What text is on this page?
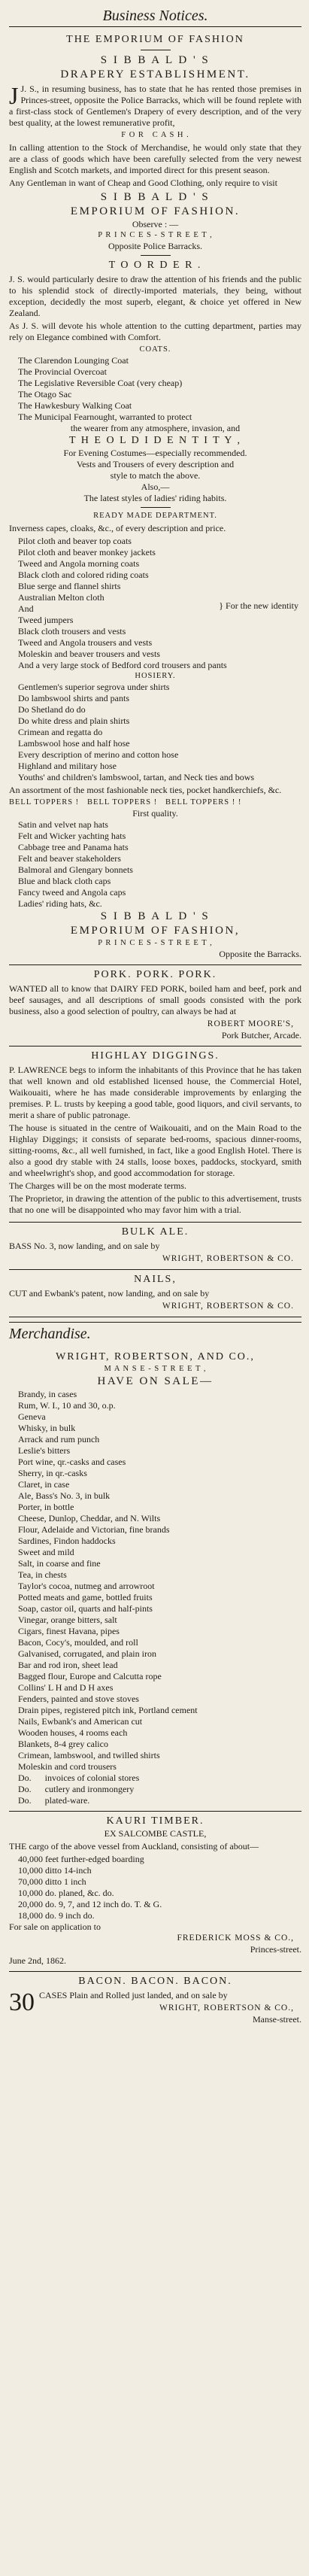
Business Notices.
THE EMPORIUM OF FASHION
S I B B A L D ' S
DRAPERY ESTABLISHMENT.
J J. S., in resuming business, has to state that he has rented those premises in Princes-street, opposite the Police Barracks, which will be found replete with a first-class stock of Gentlemen's Drapery of every description, and of the very best quality, at the lowest remunerative profit,
F O R   C A S H .
In calling attention to the Stock of Merchandise, he would only state that they are a class of goods which have been carefully selected from the very newest English and Scotch markets, and imported direct for this present season.
Any Gentleman in want of Cheap and Good Clothing, only require to visit
S I B B A L D ' S
EMPORIUM OF FASHION.
Observe : —
P R I N C E S - S T R E E T ,
Opposite Police Barracks.
T O O R D E R .
J. S. would particularly desire to draw the attention of his friends and the public to his splendid stock of directly-imported materials, they being, without exception, decidedly the most superb, elegant, & choice yet offered in New Zealand.
As J. S. will devote his whole attention to the cutting department, parties may rely on Elegance combined with Comfort.
COATS.
The Clarendon Lounging Coat
The Provincial Overcoat
The Legislative Reversible Coat (very cheap)
The Otago Sac
The Hawkesbury Walking Coat
The Municipal Fearnought, warranted to protect
the wearer from any atmosphere, invasion, and
T H E O L D I D E N T I T Y ,
For Evening Costumes—especially recommended.
Vests and Trousers of every description and
style to match the above.
Also,—
The latest styles of ladies' riding habits.
READY MADE DEPARTMENT.
Inverness capes, cloaks, &c., of every description and price.
Pilot cloth and beaver top coats
Pilot cloth and beaver monkey jackets
Tweed and Angola morning coats
Black cloth and colored riding coats
Blue serge and flannel shirts
Australian Melton cloth
And	} For the new identity
Tweed jumpers
Black cloth trousers and vests
Tweed and Angola trousers and vests
Moleskin and beaver trousers and vests
And a very large stock of Bedford cord trousers and pants
HOSIERY.
Gentlemen's superior segrova under shirts
Do lambswool shirts and pants
Do Shetland do do
Do white dress and plain shirts
Crimean and regatta do
Lambswool hose and half hose
Every description of merino and cotton hose
Highland and military hose
Youths' and children's lambswool, tartan, and Neck ties and bows
An assortment of the most fashionable neck ties, pocket handkerchiefs, &c.
BELL TOPPERS !   BELL TOPPERS !   BELL TOPPERS ! !
First quality.
Satin and velvet nap hats
Felt and Wicker yachting hats
Cabbage tree and Panama hats
Felt and beaver stakeholders
Balmoral and Glengary bonnets
Blue and black cloth caps
Fancy tweed and Angola caps
Ladies' riding hats, &c.
S I B B A L D ' S
EMPORIUM OF FASHION,
P R I N C E S - S T R E E T ,
Opposite the Barracks.
PORK. PORK. PORK.
WANTED all to know that DAIRY FED PORK, boiled ham and beef, pork and beef sausages, and all descriptions of small goods consisted with the pork business, also a good selection of poultry, can always be had at
ROBERT MOORE'S,
Pork Butcher, Arcade.
HIGHLAY DIGGINGS.
P. LAWRENCE begs to inform the inhabitants of this Province that he has taken that well known and old established licensed house, the Commercial Hotel, Waikouaiti, where he has made considerable improvements by enlarging the premises. P. L. trusts by keeping a good table, good liquors, and civil servants, to merit a share of public patronage.
The house is situated in the centre of Waikouaiti, and on the Main Road to the Highlay Diggings; it consists of separate bed-rooms, spacious dinner-rooms, sitting-rooms, &c., all well furnished, in fact, like a good English Hotel. There is also a good dry stable with 24 stalls, loose boxes, paddocks, stockyard, smith and wheelwright's shop, and good accommodation for storage.
The Charges will be on the most moderate terms.
The Proprietor, in drawing the attention of the public to this advertisement, trusts that no one will be disappointed who may favor him with a trial.
BULK ALE.
BASS No. 3, now landing, and on sale by
WRIGHT, ROBERTSON & CO.
NAILS,
CUT and Ewbank's patent, now landing, and on sale by
WRIGHT, ROBERTSON & CO.
Merchandise.
WRIGHT, ROBERTSON, AND CO.,
M A N S E - S T R E E T ,
HAVE ON SALE—
Brandy, in cases
Rum, W. I., 10 and 30, o.p.
Geneva
Whisky, in bulk
Arrack and rum punch
Leslie's bitters
Port wine, qr.-casks and cases
Sherry, in qr.-casks
Claret, in case
Ale, Bass's No. 3, in bulk
Porter, in bottle
Cheese, Dunlop, Cheddar, and N. Wilts
Flour, Adelaide and Victorian, fine brands
Sardines, Findon haddocks
Sweet and mild
Salt, in coarse and fine
Tea, in chests
Taylor's cocoa, nutmeg and arrowroot
Potted meats and game, bottled fruits
Soap, castor oil, quarts and half-pints
Vinegar, orange bitters, salt
Cigars, finest Havana, pipes
Bacon, Cocy's, moulded, and roll
Galvanised, corrugated, and plain iron
Bar and rod iron, sheet lead
Bagged flour, Europe and Calcutta rope
Collins' L H and D H axes
Fenders, painted and stove stoves
Drain pipes, registered pitch ink, Portland cement
Nails, Ewbank's and American cut
Wooden houses, 4 rooms each
Blankets, 8-4 grey calico
Crimean, lambswool, and twilled shirts
Moleskin and cord trousers
Do.      invoices of colonial stores
Do.      cutlery and ironmongery
Do.      plated-ware.
KAURI TIMBER.
EX SALCOMBE CASTLE,
THE cargo of the above vessel from Auckland, consisting of about—
40,000 feet further-edged boarding
10,000 ditto 14-inch
70,000 ditto 1 inch
10,000 do. planed, &c. do.
20,000 do. 9, 7, and 12 inch do. T. & G.
18,000 do. 9 inch do.
For sale on application to
FREDERICK MOSS & CO.,
Princes-street.
June 2nd, 1862.
BACON. BACON. BACON.
30 CASES Plain and Rolled just landed, and on sale by
WRIGHT, ROBERTSON & CO.,
Manse-street.
